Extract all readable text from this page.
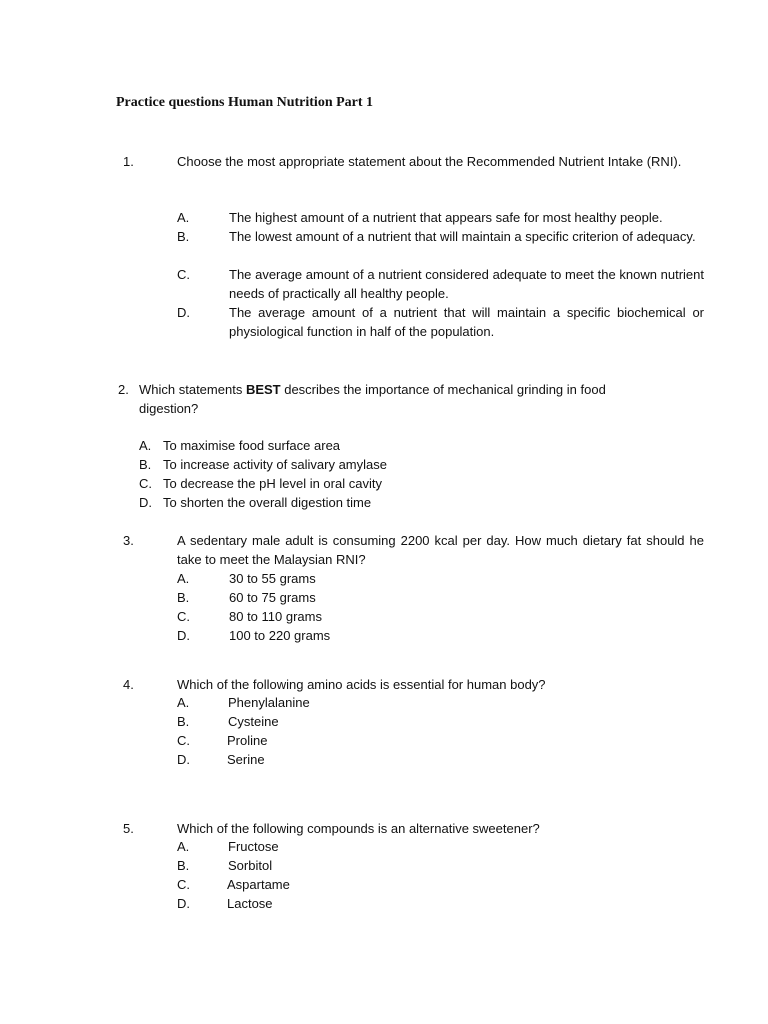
Practice questions Human Nutrition Part 1
1.	Choose the most appropriate statement about the Recommended Nutrient Intake (RNI).
A.	The highest amount of a nutrient that appears safe for most healthy people.
B.	The lowest amount of a nutrient that will maintain a specific criterion of adequacy.
C.	The average amount of a nutrient considered adequate to meet the known nutrient needs of practically all healthy people.
D.	The average amount of a nutrient that will maintain a specific biochemical or physiological function in half of the population.
2. Which statements BEST describes the importance of mechanical grinding in food digestion?
A. To maximise food surface area
B. To increase activity of salivary amylase
C. To decrease the pH level in oral cavity
D. To shorten the overall digestion time
3.	A sedentary male adult is consuming 2200 kcal per day. How much dietary fat should he take to meet the Malaysian RNI?
A.	30 to 55 grams
B.	60 to 75 grams
C.	80 to 110 grams
D.	100 to 220 grams
4.	Which of the following amino acids is essential for human body?
A.	Phenylalanine
B.	Cysteine
C.	Proline
D.	Serine
5.	Which of the following compounds is an alternative sweetener?
A.	Fructose
B.	Sorbitol
C.	Aspartame
D.	Lactose
